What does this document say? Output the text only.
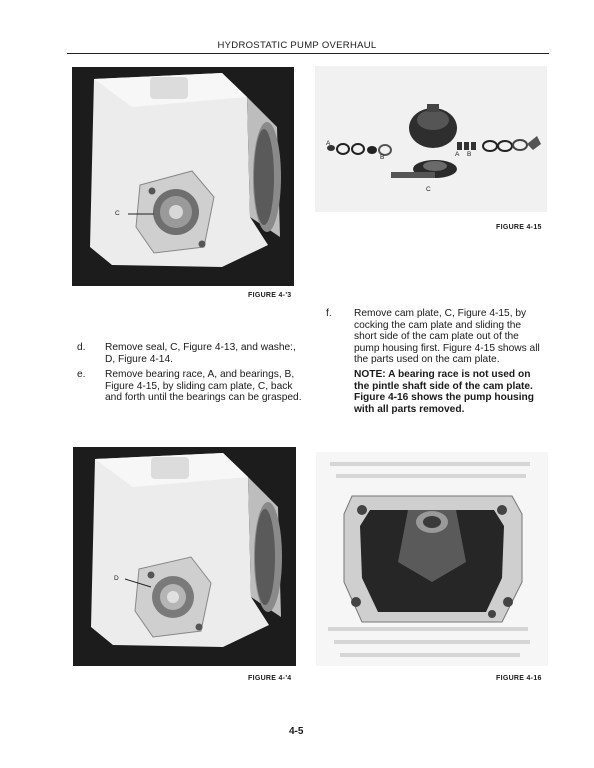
HYDROSTATIC PUMP OVERHAUL
C
FIGURE 4-'3
A
B	A B
C
FIGURE 4-15
f. Remove cam plate, C, Figure 4-15, by cocking the cam plate and sliding the short side of the cam plate out of the pump housing first. Figure 4-15 shows all the parts used on the cam plate.
NOTE: A bearing race is not used on the pintle shaft side of the cam plate. Figure 4-16 shows the pump housing with all parts removed.
d. Remove seal, C, Figure 4-13, and washe:, D, Figure 4-14.
e. Remove bearing race, A, and bearings, B, Figure 4-15, by sliding cam plate, C, back and forth until the bearings can be grasped.
D
FIGURE 4-'4	FIGURE 4-16
4-5
